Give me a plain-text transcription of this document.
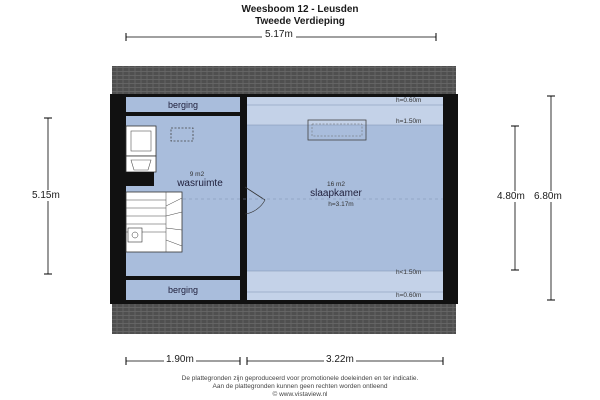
Weesboom 12 - Leusden
Tweede Verdieping
5.17m
5.15m	4.80m 6.80m
1.90m	3.22m
berging
berging
9 m2
wasruimte	16 m2
slaapkamer
h=3.17m
h=0.60m
h=1.50m
h<1.50m
h=0.60m
De plattegronden zijn geproduceerd voor promotionele doeleinden en ter indicatie.
Aan de plattegronden kunnen geen rechten worden ontleend
© www.vistaview.nl
